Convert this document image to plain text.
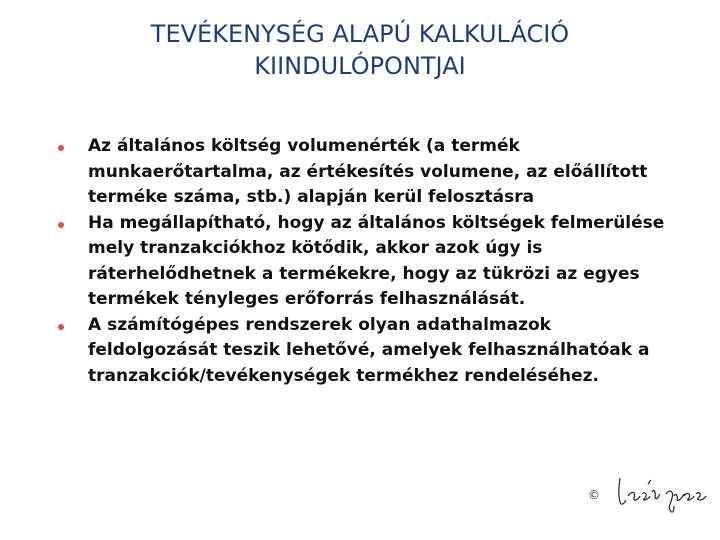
TEVÉKENYSÉG ALAPÚ KALKULÁCIÓ
KIINDULÓPONTJAI
Az általános költség volumenérték (a termék munkaerőtartalma, az értékesítés volumene, az előállított terméke száma, stb.) alapján kerül felosztásra
Ha megállapítható, hogy az általános költségek felmerülése mely tranzakciókhoz kötődik, akkor azok úgy is ráterhelődhetnek a termékekre, hogy az tükrözi az egyes termékek tényleges erőforrás felhasználását.
A számítógépes rendszerek olyan adathalmazok feldolgozását teszik lehetővé, amelyek felhasználhatóak a tranzakciók/tevékenységek termékhez rendeléséhez.
©
